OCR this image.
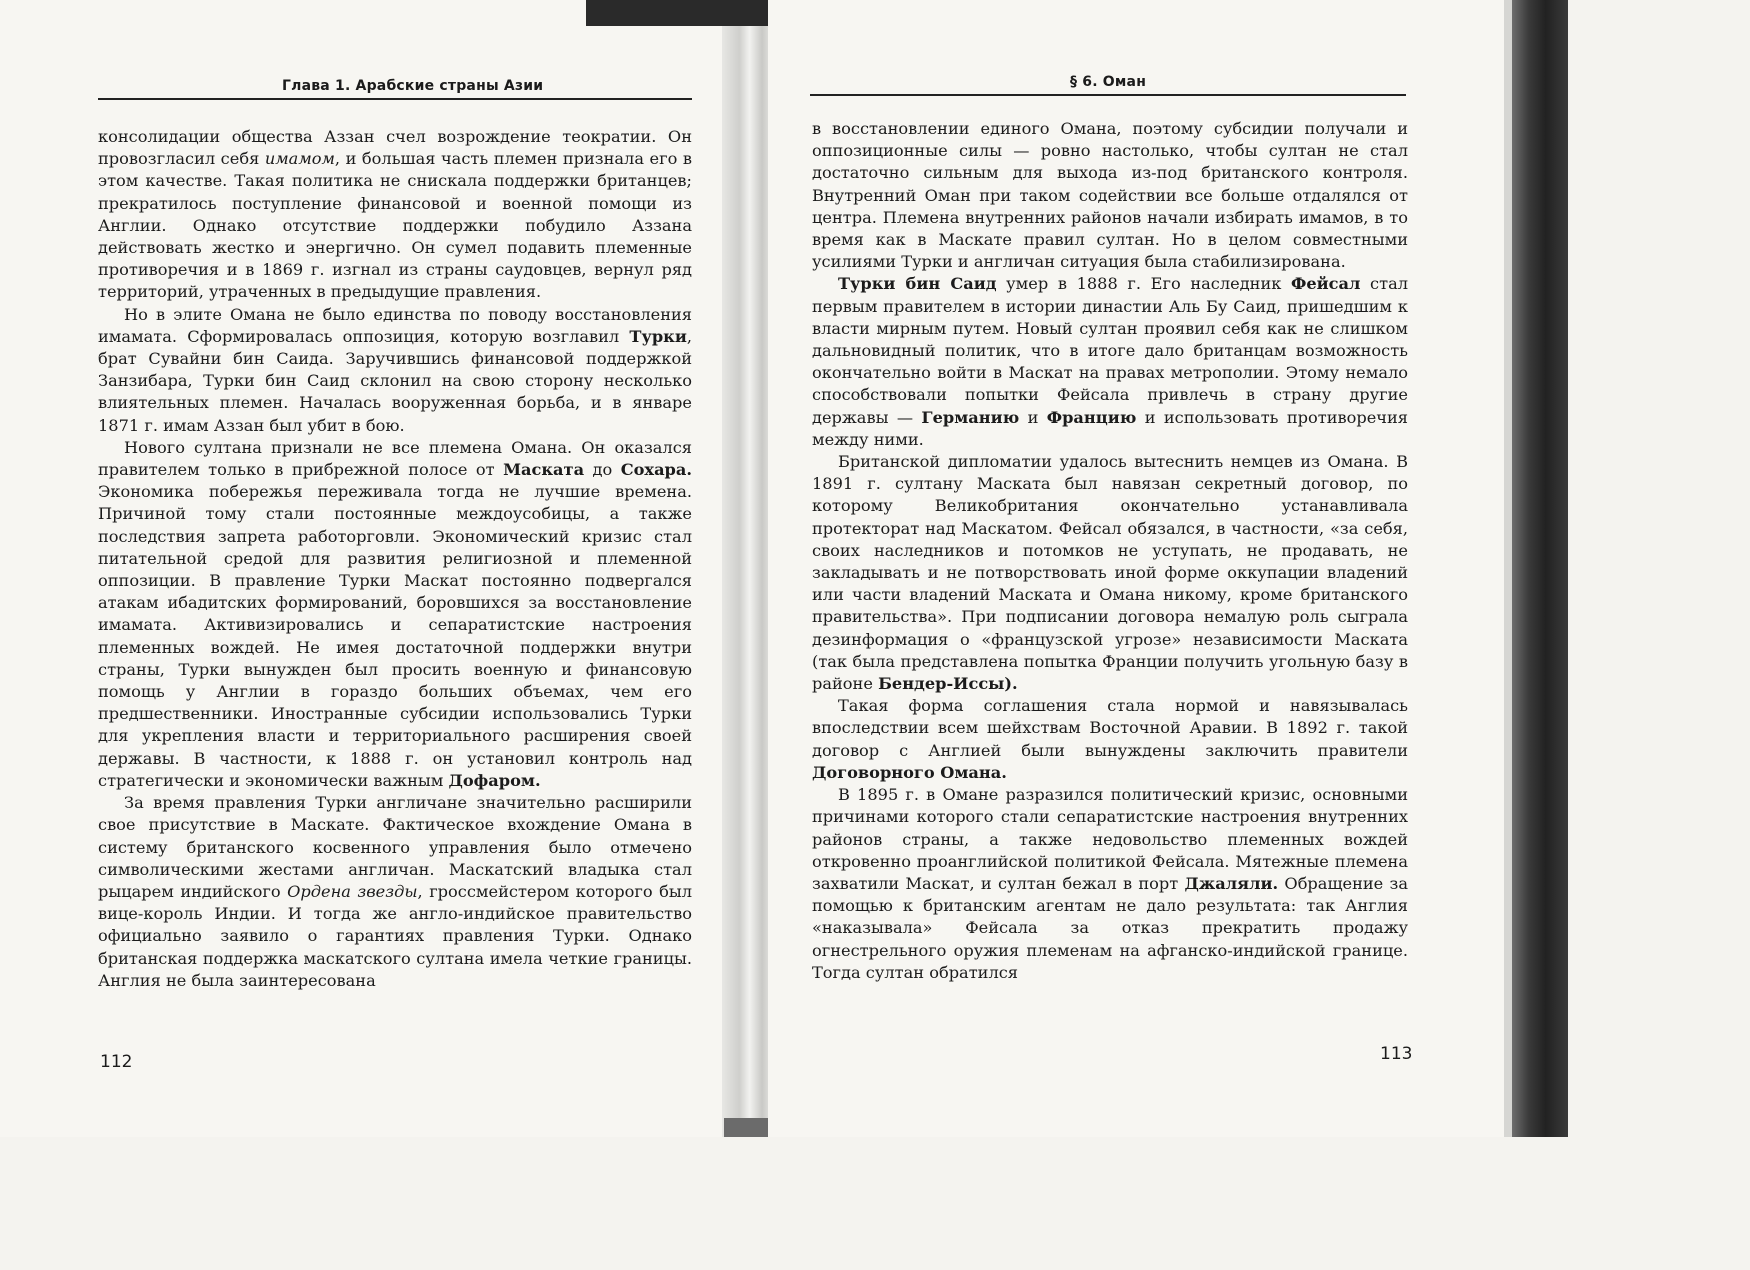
Глава 1. Арабские страны Азии

консолидации общества Аззан счел возрождение теократии. Он провозгласил себя имамом, и большая часть племен признала его в этом качестве. Такая политика не снискала поддержки британцев; прекратилось поступление финансовой и военной помощи из Англии. Однако отсутствие поддержки побудило Аззана действовать жестко и энергично. Он сумел подавить племенные противоречия и в 1869 г. изгнал из страны саудовцев, вернул ряд территорий, утраченных в предыдущие правления.

Но в элите Омана не было единства по поводу восстановления имамата. Сформировалась оппозиция, которую возглавил Турки, брат Сувайни бин Саида. Заручившись финансовой поддержкой Занзибара, Турки бин Саид склонил на свою сторону несколько влиятельных племен. Началась вооруженная борьба, и в январе 1871 г. имам Аззан был убит в бою.

Нового султана признали не все племена Омана. Он оказался правителем только в прибрежной полосе от Маската до Сохара. Экономика побережья переживала тогда не лучшие времена. Причиной тому стали постоянные междоусобицы, а также последствия запрета работорговли. Экономический кризис стал питательной средой для развития религиозной и племенной оппозиции. В правление Турки Маскат постоянно подвергался атакам ибадитских формирований, боровшихся за восстановление имамата. Активизировались и сепаратистские настроения племенных вождей. Не имея достаточной поддержки внутри страны, Турки вынужден был просить военную и финансовую помощь у Англии в гораздо больших объемах, чем его предшественники. Иностранные субсидии использовались Турки для укрепления власти и территориального расширения своей державы. В частности, к 1888 г. он установил контроль над стратегически и экономически важным Дофаром.

За время правления Турки англичане значительно расширили свое присутствие в Маскате. Фактическое вхождение Омана в систему британского косвенного управления было отмечено символическими жестами англичан. Маскатский владыка стал рыцарем индийского Ордена звезды, гроссмейстером которого был вице-король Индии. И тогда же англо-индийское правительство официально заявило о гарантиях правления Турки. Однако британская поддержка маскатского султана имела четкие границы. Англия не была заинтересована

112
§ 6. Оман

в восстановлении единого Омана, поэтому субсидии получали и оппозиционные силы — ровно настолько, чтобы султан не стал достаточно сильным для выхода из-под британского контроля. Внутренний Оман при таком содействии все больше отдалялся от центра. Племена внутренних районов начали избирать имамов, в то время как в Маскате правил султан. Но в целом совместными усилиями Турки и англичан ситуация была стабилизирована.

Турки бин Саид умер в 1888 г. Его наследник Фейсал стал первым правителем в истории династии Аль Бу Саид, пришедшим к власти мирным путем. Новый султан проявил себя как не слишком дальновидный политик, что в итоге дало британцам возможность окончательно войти в Маскат на правах метрополии. Этому немало способствовали попытки Фейсала привлечь в страну другие державы — Германию и Францию и использовать противоречия между ними.

Британской дипломатии удалось вытеснить немцев из Омана. В 1891 г. султану Маската был навязан секретный договор, по которому Великобритания окончательно устанавливала протекторат над Маскатом. Фейсал обязался, в частности, «за себя, своих наследников и потомков не уступать, не продавать, не закладывать и не потворствовать иной форме оккупации владений или части владений Маската и Омана никому, кроме британского правительства». При подписании договора немалую роль сыграла дезинформация о «французской угрозе» независимости Маската (так была представлена попытка Франции получить угольную базу в районе Бендер-Иссы).

Такая форма соглашения стала нормой и навязывалась впоследствии всем шейхствам Восточной Аравии. В 1892 г. такой договор с Англией были вынуждены заключить правители Договорного Омана.

В 1895 г. в Омане разразился политический кризис, основными причинами которого стали сепаратистские настроения внутренних районов страны, а также недовольство племенных вождей откровенно проанглийской политикой Фейсала. Мятежные племена захватили Маскат, и султан бежал в порт Джаляли. Обращение за помощью к британским агентам не дало результата: так Англия «наказывала» Фейсала за отказ прекратить продажу огнестрельного оружия племенам на афганско-индийской границе. Тогда султан обратился

113
